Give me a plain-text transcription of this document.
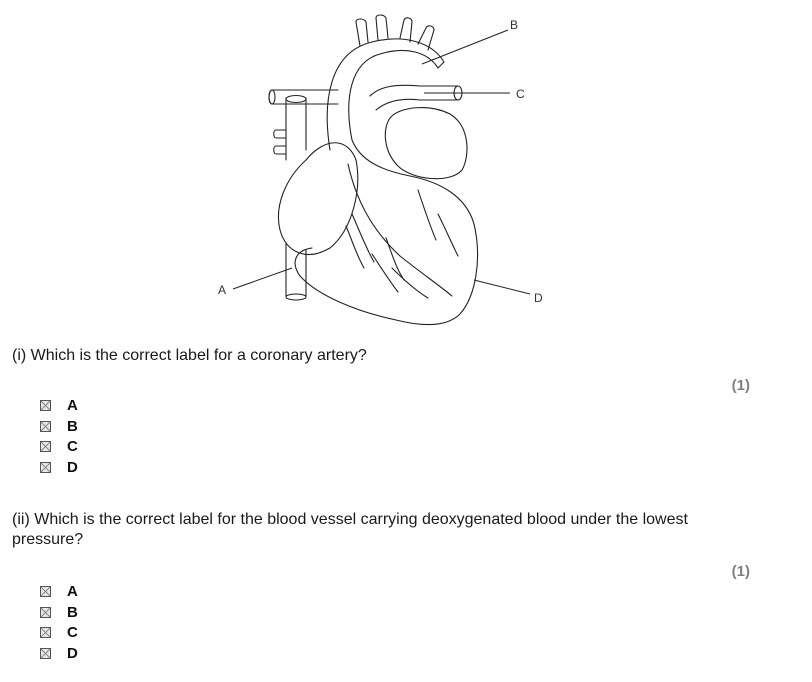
A
B
C
D
(i) Which is the correct label for a coronary artery?
(1)
A
B
C
D
(ii) Which is the correct label for the blood vessel carrying deoxygenated blood under the lowest pressure?
(1)
A
B
C
D
